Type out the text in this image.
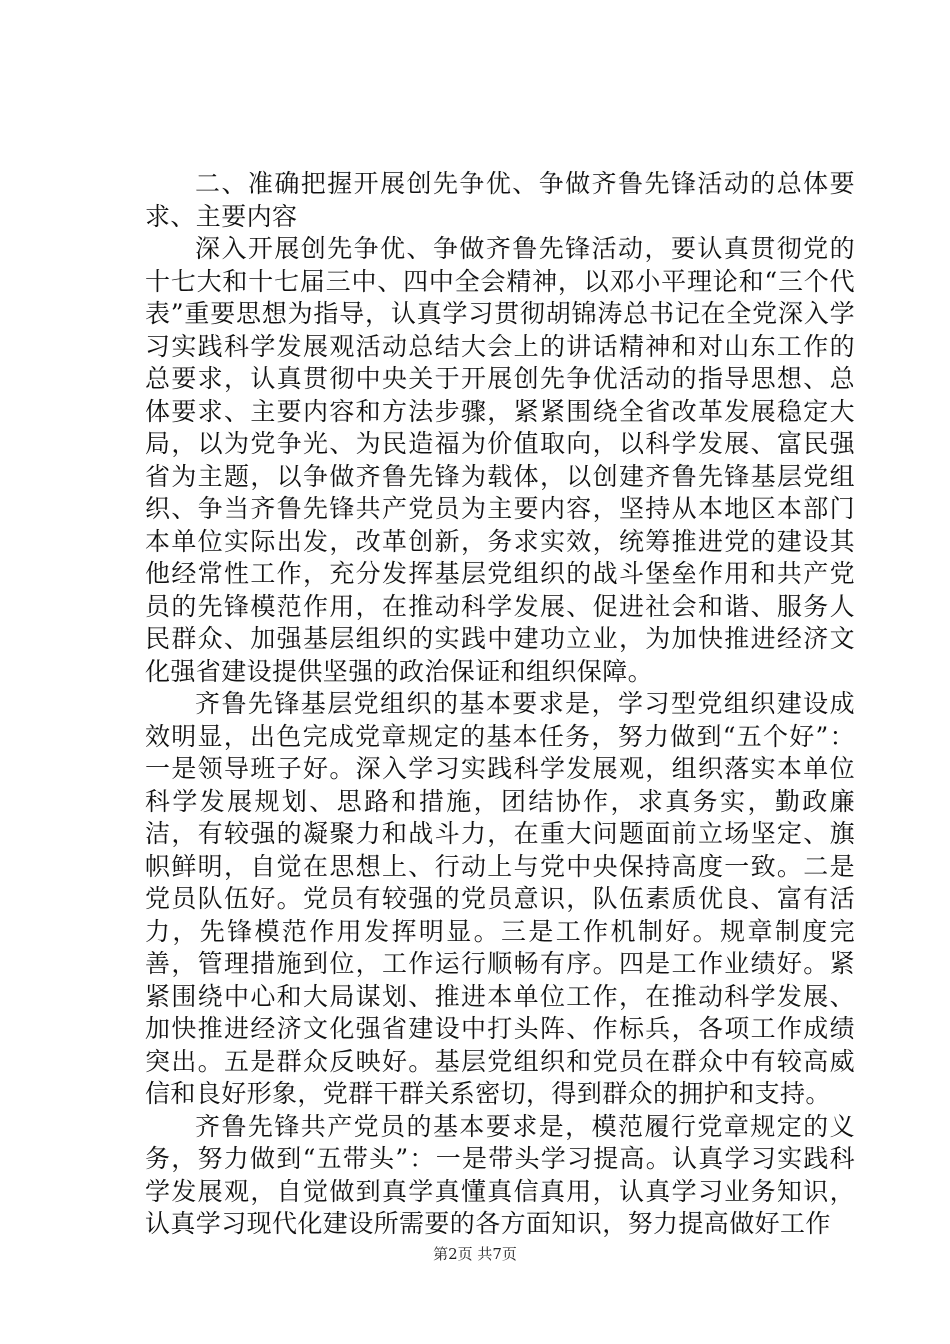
二、准确把握开展创先争优、争做齐鲁先锋活动的总体要求、主要内容

深入开展创先争优、争做齐鲁先锋活动，要认真贯彻党的十七大和十七届三中、四中全会精神，以邓小平理论和“三个代表”重要思想为指导，认真学习贯彻胡锦涛总书记在全党深入学习实践科学发展观活动总结大会上的讲话精神和对山东工作的总要求，认真贯彻中央关于开展创先争优活动的指导思想、总体要求、主要内容和方法步骤，紧紧围绕全省改革发展稳定大局，以为党争光、为民造福为价值取向，以科学发展、富民强省为主题，以争做齐鲁先锋为载体，以创建齐鲁先锋基层党组织、争当齐鲁先锋共产党员为主要内容，坚持从本地区本部门本单位实际出发，改革创新，务求实效，统筹推进党的建设其他经常性工作，充分发挥基层党组织的战斗堡垒作用和共产党员的先锋模范作用，在推动科学发展、促进社会和谐、服务人民群众、加强基层组织的实践中建功立业，为加快推进经济文化强省建设提供坚强的政治保证和组织保障。

齐鲁先锋基层党组织的基本要求是，学习型党组织建设成效明显，出色完成党章规定的基本任务，努力做到“五个好”：一是领导班子好。深入学习实践科学发展观，组织落实本单位科学发展规划、思路和措施，团结协作，求真务实，勤政廉洁，有较强的凝聚力和战斗力，在重大问题面前立场坚定、旗帜鲜明，自觉在思想上、行动上与党中央保持高度一致。二是党员队伍好。党员有较强的党员意识，队伍素质优良、富有活力，先锋模范作用发挥明显。三是工作机制好。规章制度完善，管理措施到位，工作运行顺畅有序。四是工作业绩好。紧紧围绕中心和大局谋划、推进本单位工作，在推动科学发展、加快推进经济文化强省建设中打头阵、作标兵，各项工作成绩突出。五是群众反映好。基层党组织和党员在群众中有较高威信和良好形象，党群干群关系密切，得到群众的拥护和支持。

齐鲁先锋共产党员的基本要求是，模范履行党章规定的义务，努力做到“五带头”：一是带头学习提高。认真学习实践科学发展观，自觉做到真学真懂真信真用，认真学习业务知识，认真学习现代化建设所需要的各方面知识，努力提高做好工作

第2页 共7页
